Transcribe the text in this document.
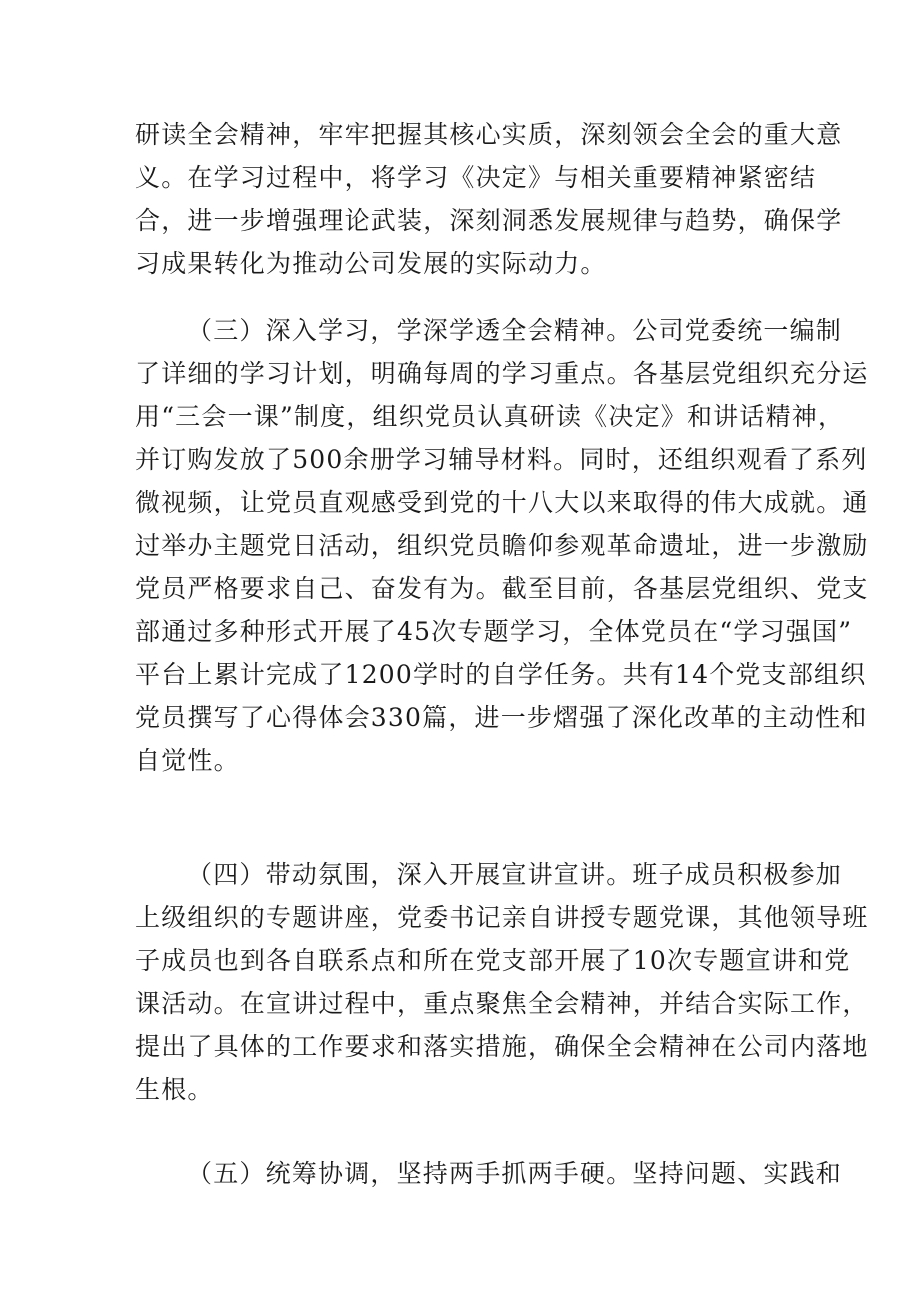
研读全会精神，牢牢把握其核心实质，深刻领会全会的重大意
义。在学习过程中，将学习《决定》与相关重要精神紧密结
合，进一步增强理论武装，深刻洞悉发展规律与趋势，确保学
习成果转化为推动公司发展的实际动力。

（三）深入学习，学深学透全会精神。公司党委统一编制
了详细的学习计划，明确每周的学习重点。各基层党组织充分运
用“三会一课”制度，组织党员认真研读《决定》和讲话精神，
并订购发放了500余册学习辅导材料。同时，还组织观看了系列
微视频，让党员直观感受到党的十八大以来取得的伟大成就。通
过举办主题党日活动，组织党员瞻仰参观革命遗址，进一步激励
党员严格要求自己、奋发有为。截至目前，各基层党组织、党支
部通过多种形式开展了45次专题学习，全体党员在“学习强国”
平台上累计完成了1200学时的自学任务。共有14个党支部组织
党员撰写了心得体会330篇，进一步熠强了深化改革的主动性和
自觉性。

（四）带动氛围，深入开展宣讲宣讲。班子成员积极参加
上级组织的专题讲座，党委书记亲自讲授专题党课，其他领导班
子成员也到各自联系点和所在党支部开展了10次专题宣讲和党
课活动。在宣讲过程中，重点聚焦全会精神，并结合实际工作，
提出了具体的工作要求和落实措施，确保全会精神在公司内落地
生根。

（五）统筹协调，坚持两手抓两手硬。坚持问题、实践和
